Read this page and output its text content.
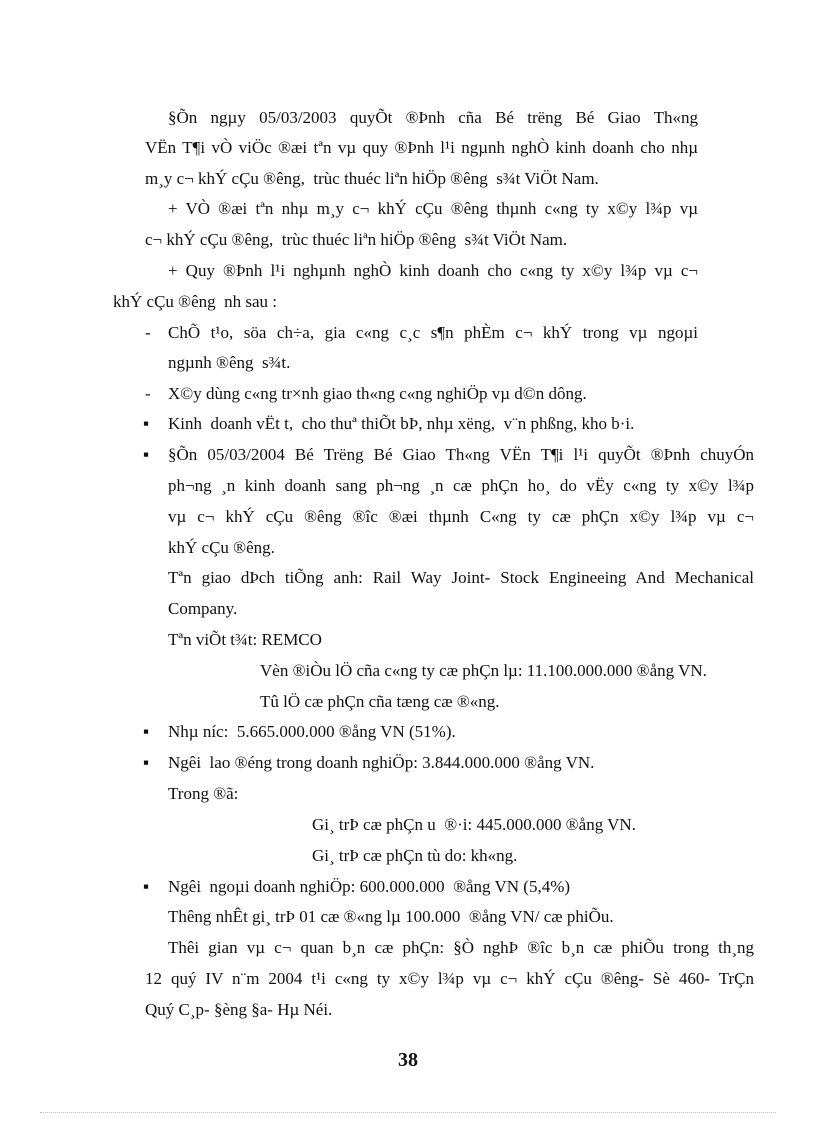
§Õn ngµy 05/03/2003 quyÕt ®Þnh cña Bé trëng Bé Giao Th«ng
VËn T¶i vÒ viÖc ®æi tªn vµ quy ®Þnh l¹i ngµnh nghÒ kinh doanh cho nhµ
m¸y c¬ khÝ cÇu ®êng,  trùc thuéc liªn hiÖp ®êng  s¾t ViÖt Nam.
+ VÒ ®æi tªn nhµ m¸y c¬ khÝ cÇu ®êng thµnh c«ng ty x©y l¾p vµ
c¬ khÝ cÇu ®êng,  trùc thuéc liªn hiÖp ®êng  s¾t ViÖt Nam.
+ Quy ®Þnh l¹i nghµnh nghÒ kinh doanh cho c«ng ty x©y l¾p vµ c¬
khÝ cÇu ®êng  nh sau :
- ChÕ t¹o, söa ch÷a, gia c«ng c¸c s¶n phÈm c¬ khÝ trong vµ ngoµi
ngµnh ®êng  s¾t.
- X©y dùng c«ng tr×nh giao th«ng c«ng nghiÖp vµ d©n dông.
▪ Kinh  doanh vËt t,  cho thuª thiÕt bÞ, nhµ xëng,  v¨n phßng, kho b·i.
▪ §Õn 05/03/2004 Bé Trëng Bé Giao Th«ng VËn T¶i l¹i quyÕt ®Þnh chuyÓn
ph¬ng ¸n kinh doanh sang ph¬ng ¸n cæ phÇn ho¸ do vËy c«ng ty x©y l¾p
vµ c¬ khÝ cÇu ®êng ®îc ®æi thµnh C«ng ty cæ phÇn x©y l¾p vµ c¬
khÝ cÇu ®êng.
Tªn giao dÞch tiÕng anh: Rail Way Joint- Stock Engineeing And Mechanical
Company.
Tªn viÕt t¾t: REMCO
Vèn ®iÒu lÖ cña c«ng ty cæ phÇn lµ: 11.100.000.000 ®ång VN.
Tû lÖ cæ phÇn cña tæng cæ ®«ng.
▪ Nhµ níc:  5.665.000.000 ®ång VN (51%).
▪ Ngêi  lao ®éng trong doanh nghiÖp: 3.844.000.000 ®ång VN.
Trong ®ã:
Gi¸ trÞ cæ phÇn u  ®·i: 445.000.000 ®ång VN.
Gi¸ trÞ cæ phÇn tù do: kh«ng.
▪ Ngêi  ngoµi doanh nghiÖp: 600.000.000  ®ång VN (5,4%)
Thêng nhÊt gi¸ trÞ 01 cæ ®«ng lµ 100.000  ®ång VN/ cæ phiÕu.
Thêi gian vµ c¬ quan b¸n cæ phÇn: §Ò nghÞ ®îc b¸n cæ phiÕu trong th¸ng
12 quý IV n¨m 2004 t¹i c«ng ty x©y l¾p vµ c¬ khÝ cÇu ®êng- Sè 460- TrÇn
Quý C¸p- §èng §a- Hµ Néi.
38
